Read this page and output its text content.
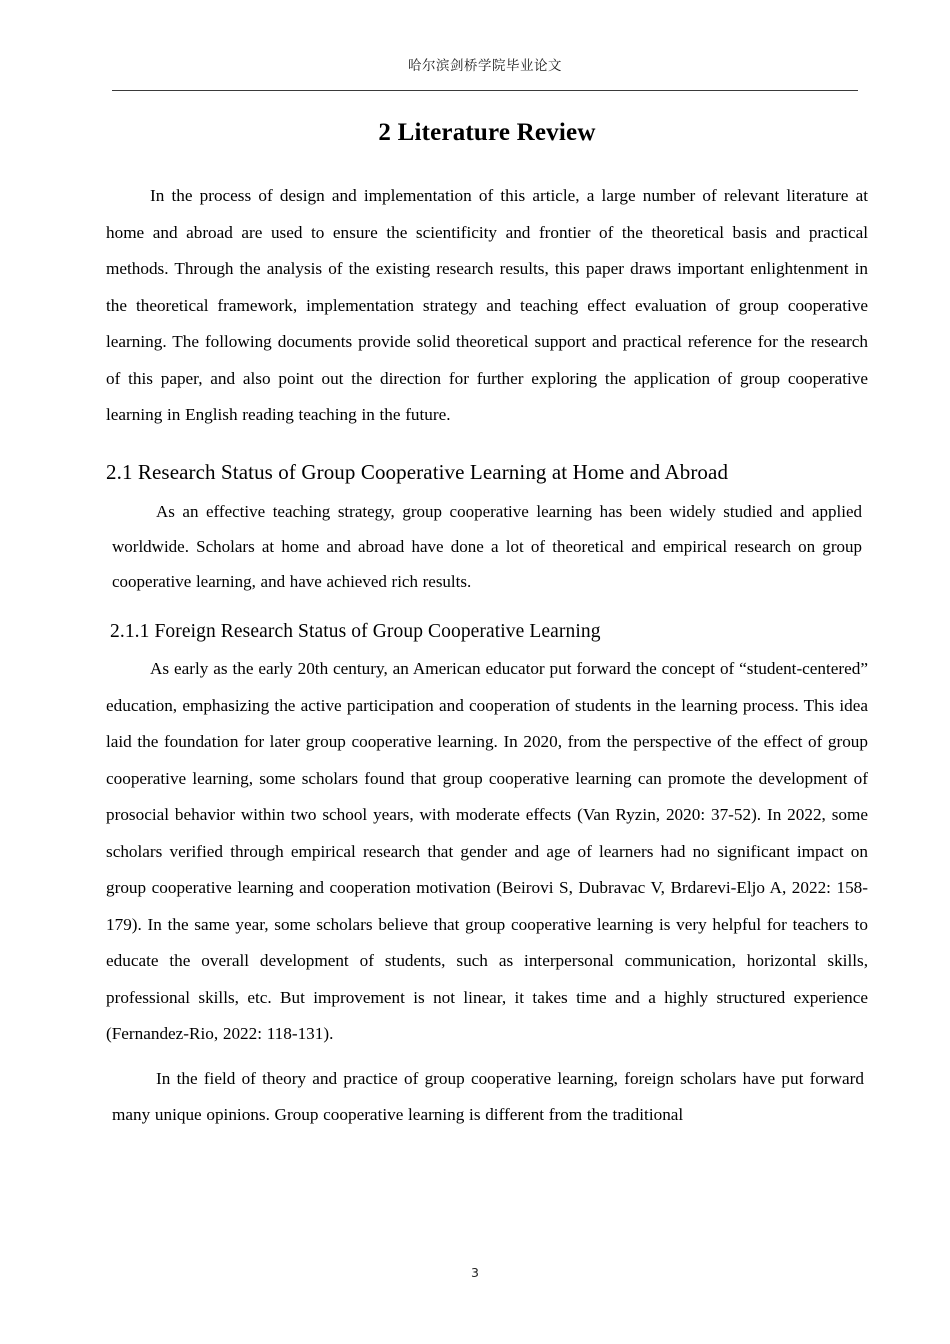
哈尔滨剑桥学院毕业论文
2 Literature Review

In the process of design and implementation of this article, a large number of relevant literature at home and abroad are used to ensure the scientificity and frontier of the theoretical basis and practical methods. Through the analysis of the existing research results, this paper draws important enlightenment in the theoretical framework, implementation strategy and teaching effect evaluation of group cooperative learning. The following documents provide solid theoretical support and practical reference for the research of this paper, and also point out the direction for further exploring the application of group cooperative learning in English reading teaching in the future.

2.1 Research Status of Group Cooperative Learning at Home and Abroad

As an effective teaching strategy, group cooperative learning has been widely studied and applied worldwide. Scholars at home and abroad have done a lot of theoretical and empirical research on group cooperative learning, and have achieved rich results.

2.1.1 Foreign Research Status of Group Cooperative Learning

As early as the early 20th century, an American educator put forward the concept of “student-centered” education, emphasizing the active participation and cooperation of students in the learning process. This idea laid the foundation for later group cooperative learning. In 2020, from the perspective of the effect of group cooperative learning, some scholars found that group cooperative learning can promote the development of prosocial behavior within two school years, with moderate effects (Van Ryzin, 2020: 37-52). In 2022, some scholars verified through empirical research that gender and age of learners had no significant impact on group cooperative learning and cooperation motivation (Beirovi S, Dubravac V, Brdarevi-Eljo A, 2022: 158-179). In the same year, some scholars believe that group cooperative learning is very helpful for teachers to educate the overall development of students, such as interpersonal communication, horizontal skills, professional skills, etc. But improvement is not linear, it takes time and a highly structured experience (Fernandez-Rio, 2022: 118-131).

In the field of theory and practice of group cooperative learning, foreign scholars have put forward many unique opinions. Group cooperative learning is different from the traditional

3
